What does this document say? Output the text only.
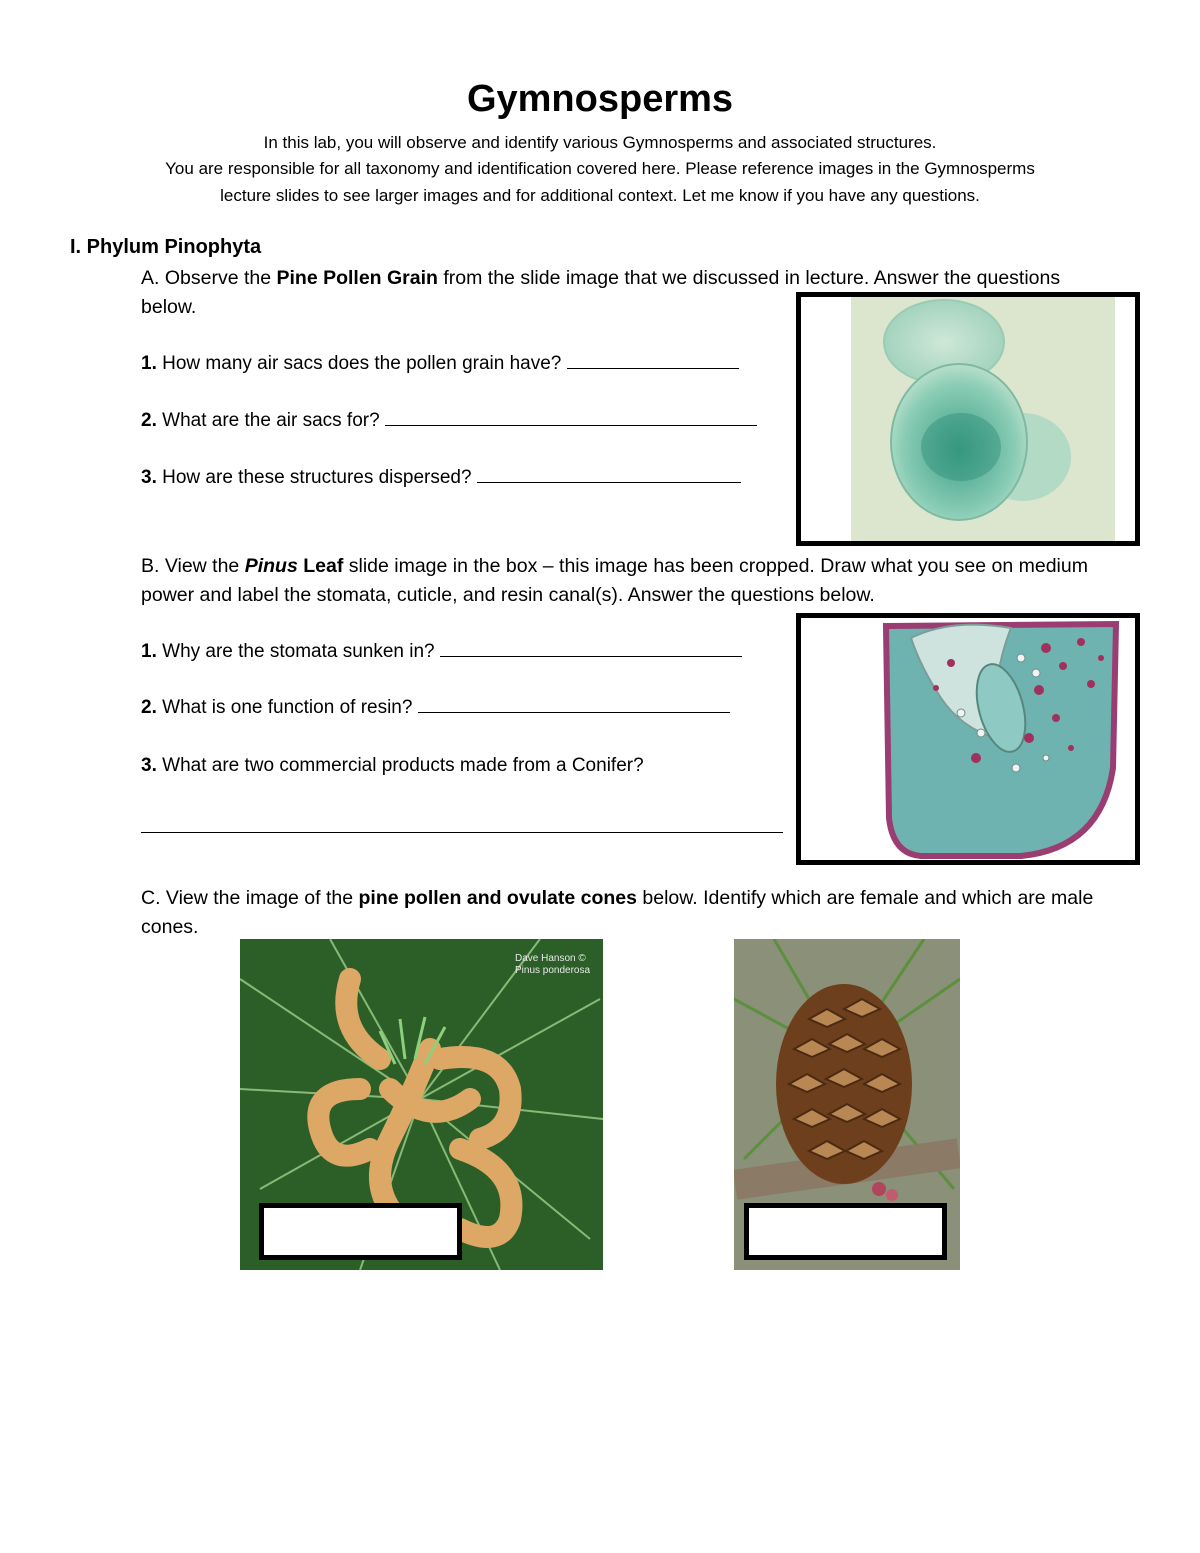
Gymnosperms
In this lab, you will observe and identify various Gymnosperms and associated structures.
You are responsible for all taxonomy and identification covered here. Please reference images in the Gymnosperms
lecture slides to see larger images and for additional context. Let me know if you have any questions.
I. Phylum Pinophyta
A. Observe the Pine Pollen Grain from the slide image that we discussed in lecture. Answer the questions below.
1. How many air sacs does the pollen grain have?
2. What are the air sacs for?
3. How are these structures dispersed?
B. View the Pinus Leaf slide image in the box – this image has been cropped. Draw what you see on medium power and label the stomata, cuticle, and resin canal(s). Answer the questions below.
1. Why are the stomata sunken in?
2. What is one function of resin?
3. What are two commercial products made from a Conifer?
C. View the image of the pine pollen and ovulate cones below. Identify which are female and which are male cones.
Dave Hanson ©
Pinus ponderosa
